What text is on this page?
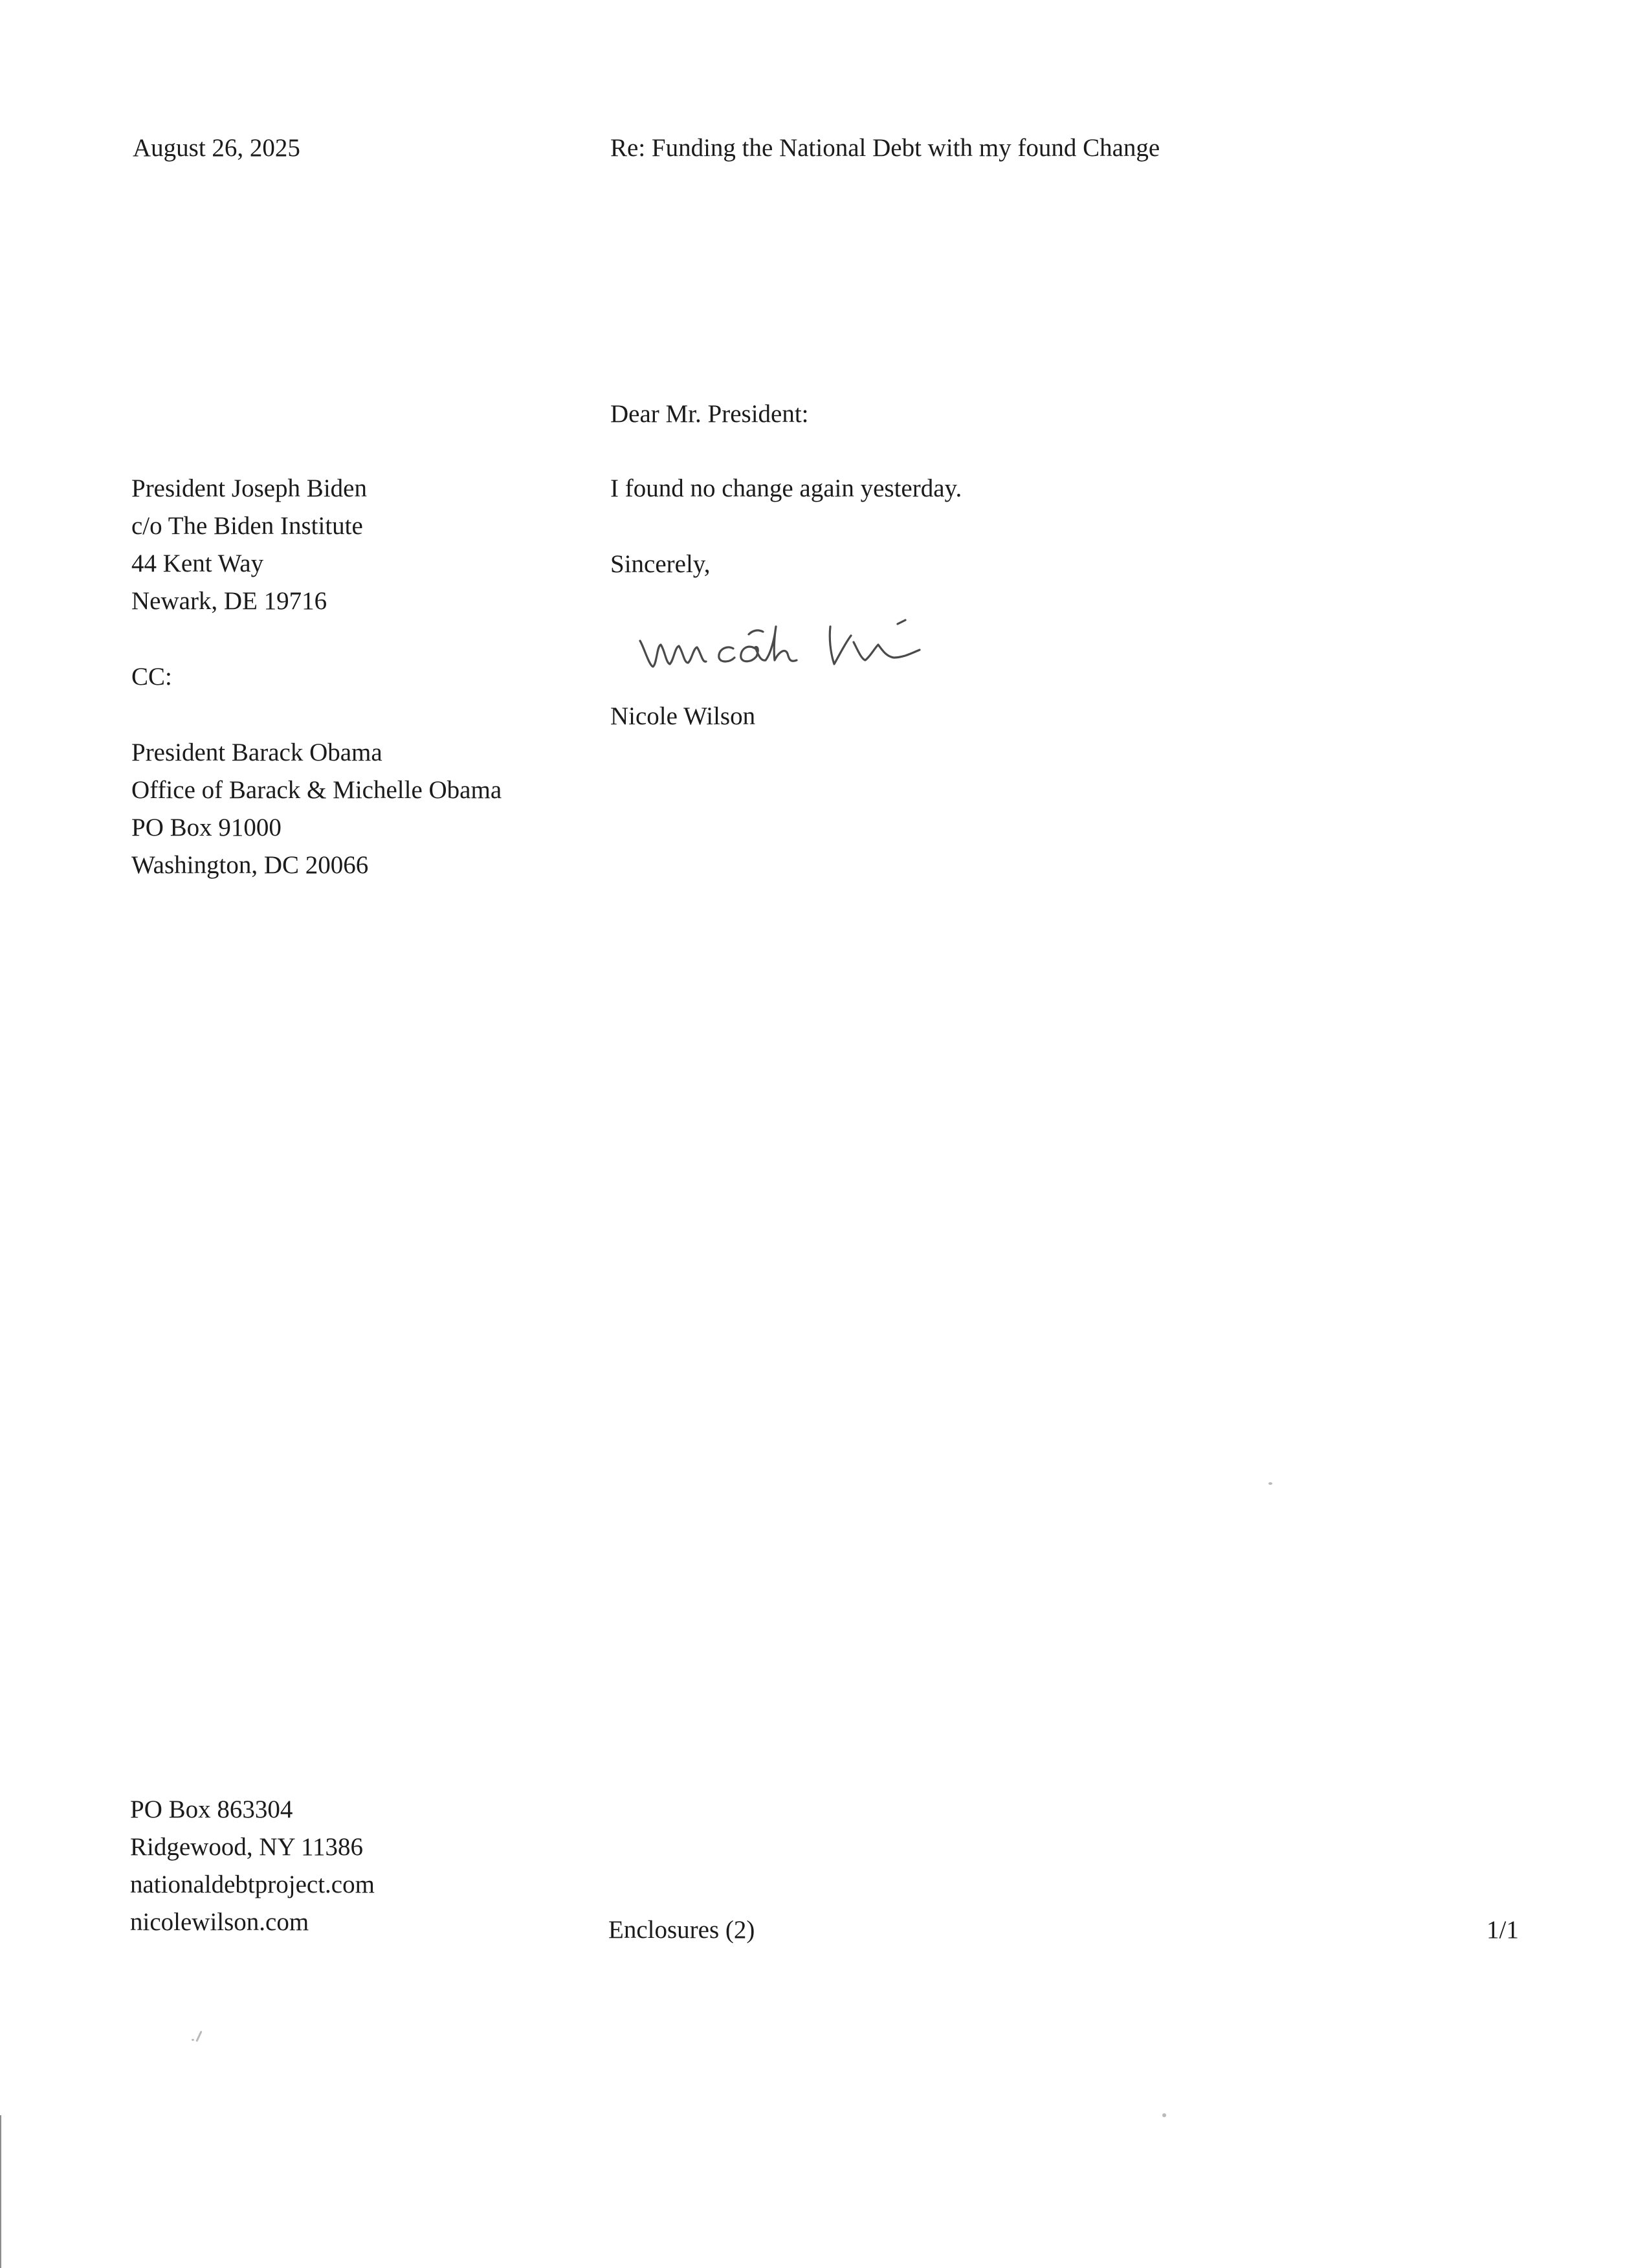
August 26, 2025	Re: Funding the National Debt with my found Change
Dear Mr. President:
President Joseph Biden
c/o The Biden Institute
44 Kent Way
Newark, DE 19716
I found no change again yesterday.
Sincerely,
Nicole Wilson
CC:
President Barack Obama
Office of Barack & Michelle Obama
PO Box 91000
Washington, DC 20066
PO Box 863304
Ridgewood, NY 11386
nationaldebtproject.com
nicolewilson.com	Enclosures (2)	1/1
